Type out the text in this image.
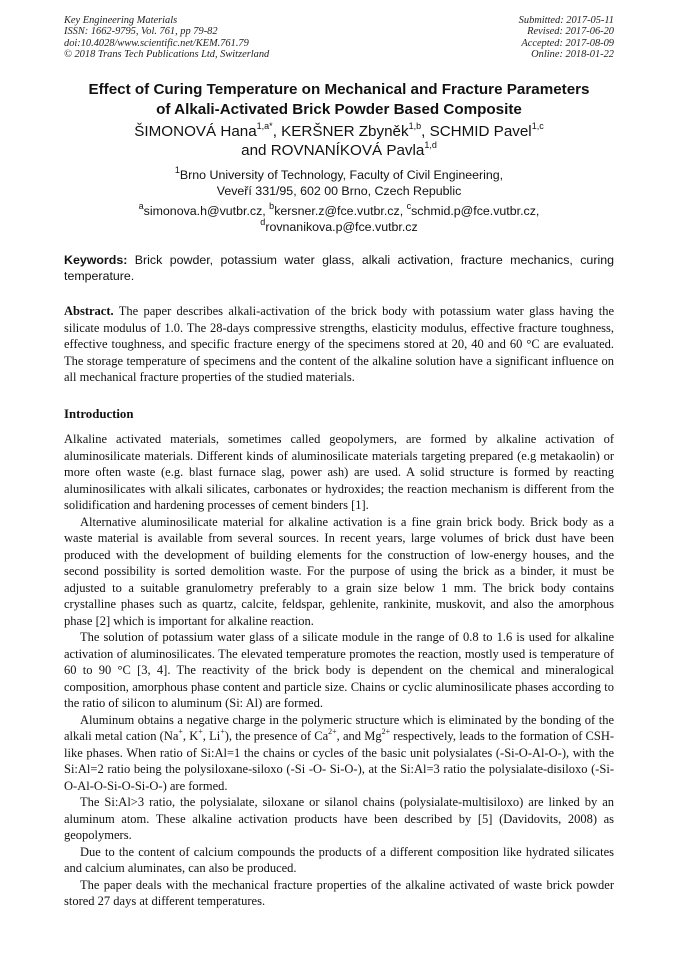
Key Engineering Materials
ISSN: 1662-9795, Vol. 761, pp 79-82
doi:10.4028/www.scientific.net/KEM.761.79
© 2018 Trans Tech Publications Ltd, Switzerland
Submitted: 2017-05-11
Revised: 2017-06-20
Accepted: 2017-08-09
Online: 2018-01-22
Effect of Curing Temperature on Mechanical and Fracture Parameters
of Alkali-Activated Brick Powder Based Composite
ŠIMONOVÁ Hana$^{1,a*}$, KERŠNER Zbyněk$^{1,b}$, SCHMID Pavel$^{1,c}$
and ROVNANÍKOVÁ Pavla$^{1,d}$
$^1$Brno University of Technology, Faculty of Civil Engineering,
Veveří 331/95, 602 00 Brno, Czech Republic
$^a$simonova.h@vutbr.cz, $^b$kersner.z@fce.vutbr.cz, $^c$schmid.p@fce.vutbr.cz,
$^d$rovnanikova.p@fce.vutbr.cz
Keywords: Brick powder, potassium water glass, alkali activation, fracture mechanics, curing temperature.
Abstract. The paper describes alkali-activation of the brick body with potassium water glass having the silicate modulus of 1.0. The 28-days compressive strengths, elasticity modulus, effective fracture toughness, effective toughness, and specific fracture energy of the specimens stored at 20, 40 and 60 °C are evaluated. The storage temperature of specimens and the content of the alkaline solution have a significant influence on all mechanical fracture properties of the studied materials.
Introduction

Alkaline activated materials, sometimes called geopolymers, are formed by alkaline activation of aluminosilicate materials. Different kinds of aluminosilicate materials targeting prepared (e.g metakaolin) or more often waste (e.g. blast furnace slag, power ash) are used. A solid structure is formed by reacting aluminosilicates with alkali silicates, carbonates or hydroxides; the reaction mechanism is different from the solidification and hardening processes of cement binders [1].

Alternative aluminosilicate material for alkaline activation is a fine grain brick body. Brick body as a waste material is available from several sources. In recent years, large volumes of brick dust have been produced with the development of building elements for the construction of low-energy houses, and the second possibility is sorted demolition waste. For the purpose of using the brick as a binder, it must be adjusted to a suitable granulometry preferably to a grain size below 1 mm. The brick body contains crystalline phases such as quartz, calcite, feldspar, gehlenite, rankinite, muskovit, and also the amorphous phase [2] which is important for alkaline reaction.

The solution of potassium water glass of a silicate module in the range of 0.8 to 1.6 is used for alkaline activation of aluminosilicates. The elevated temperature promotes the reaction, mostly used is temperature of 60 to 90 °C [3, 4]. The reactivity of the brick body is dependent on the chemical and mineralogical composition, amorphous phase content and particle size. Chains or cyclic aluminosilicate phases according to the ratio of silicon to aluminum (Si: Al) are formed.

Aluminum obtains a negative charge in the polymeric structure which is eliminated by the bonding of the alkali metal cation (Na+, K+, Li+), the presence of $Ca^{2+}$, and $Mg^{2+}$ respectively, leads to the formation of CSH-like phases. When ratio of Si:Al=1 the chains or cycles of the basic unit polysialates (-Si-O-Al-O-), with the Si:Al=2 ratio being the polysiloxane-siloxo (-Si -O- Si-O-), at the Si:Al=3 ratio the polysialate-disiloxo (-Si-O-Al-O-Si-O-Si-O-) are formed.

The Si:Al>3 ratio, the polysialate, siloxane or silanol chains (polysialate-multisiloxo) are linked by an aluminum atom. These alkaline activation products have been described by [5] (Davidovits, 2008) as geopolymers.

Due to the content of calcium compounds the products of a different composition like hydrated silicates and calcium aluminates, can also be produced.

The paper deals with the mechanical fracture properties of the alkaline activated of waste brick powder stored 27 days at different temperatures.
